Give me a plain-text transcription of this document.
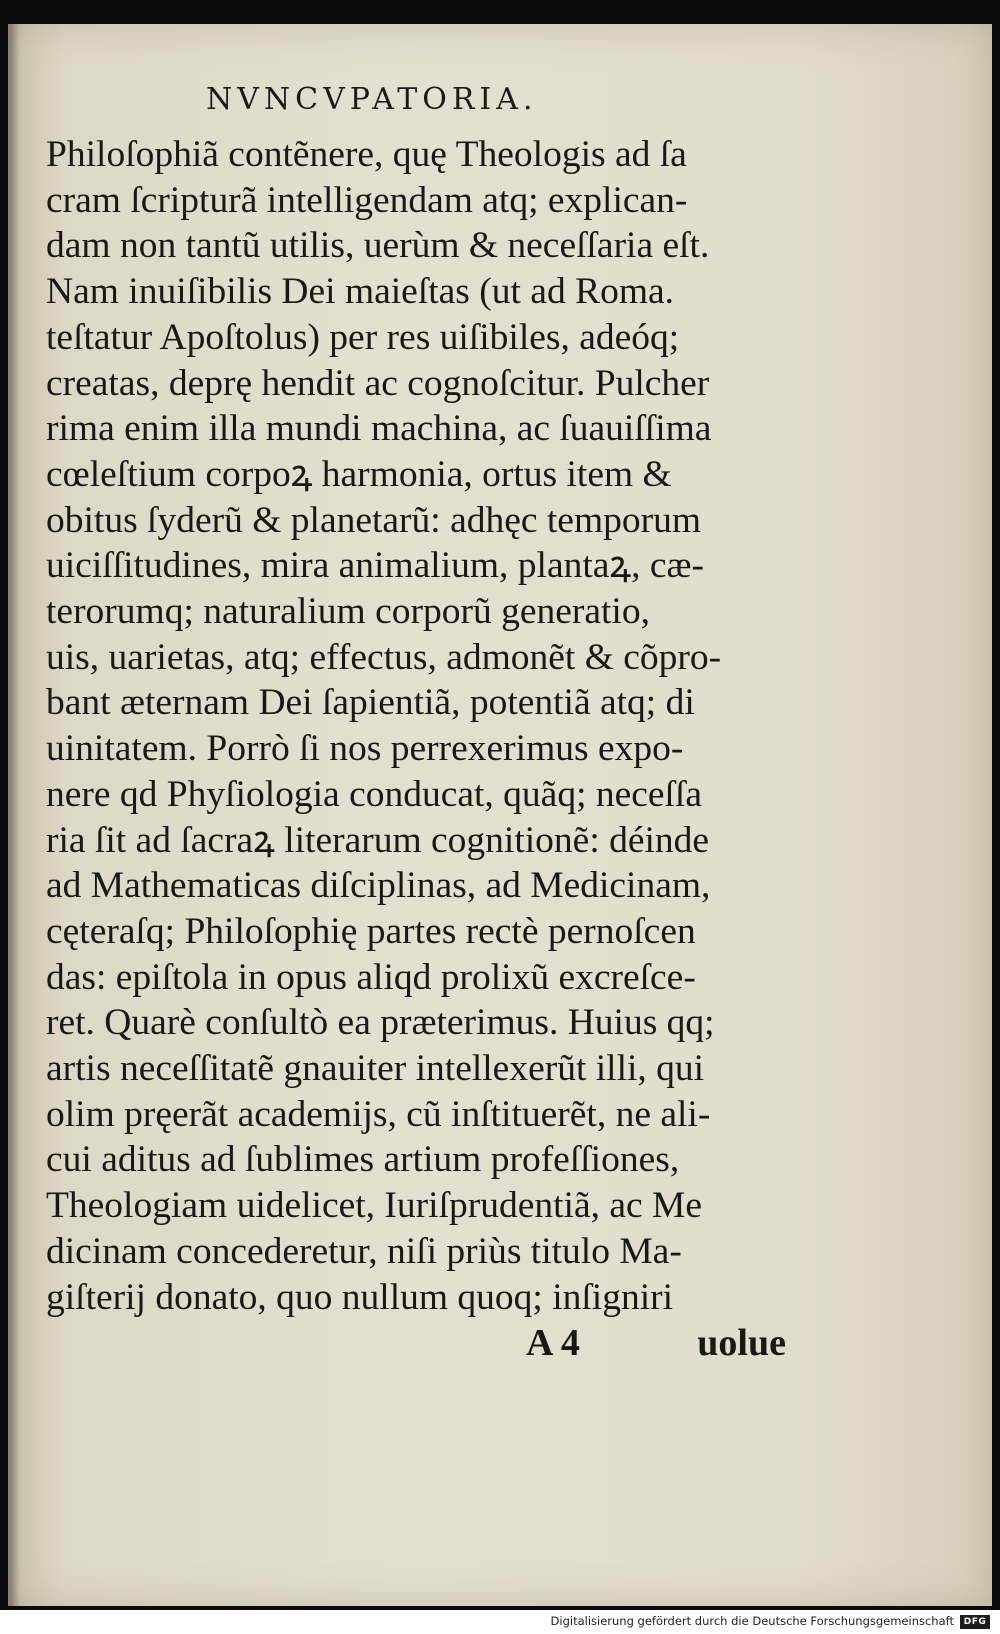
NVNCVPATORIA.
Philoſophiã contẽnere, quę Theologis ad ſa
cram ſcripturã intelligendam atq; explican-
dam non tantũ utilis, uerùm & neceſſaria eſt.
Nam inuiſibilis Dei maieſtas (ut ad Roma.
teſtatur Apoſtolus) per res uiſibiles, adeóq;
creatas, deprę hendit ac cognoſcitur. Pulcher
rima enim illa mundi machina, ac ſuauiſſima
cœleſtium corpoꝝ harmonia, ortus item &
obitus ſyderũ & planetarũ: adhęc temporum
uiciſſitudines, mira animalium, plantaꝝ, cæ-
terorumq; naturalium corporũ generatio,
uis, uarietas, atq; effectus, admonẽt & cõpro-
bant æternam Dei ſapientiã, potentiã atq; di
uinitatem. Porrò ſi nos perrexerimus expo-
nere qd Phyſiologia conducat, quãq; neceſſa
ria ſit ad ſacraꝝ literarum cognitionẽ: déinde
ad Mathematicas diſciplinas, ad Medicinam,
cęteraſq; Philoſophię partes rectè pernoſcen
das: epiſtola in opus aliqd prolixũ excreſce-
ret. Quarè conſultò ea præterimus. Huius qq;
artis neceſſitatẽ gnauiter intellexerũt illi, qui
olim pręerãt academijs, cũ inſtituerẽt, ne ali-
cui aditus ad ſublimes artium profeſſiones,
Theologiam uidelicet, Iuriſprudentiã, ac Me
dicinam concederetur, niſi priùs titulo Ma-
giſterij donato, quo nullum quoq; inſigniri
A 4	uolue
Digitalisierung gefördert durch die Deutsche Forschungsgemeinschaft	DFG
